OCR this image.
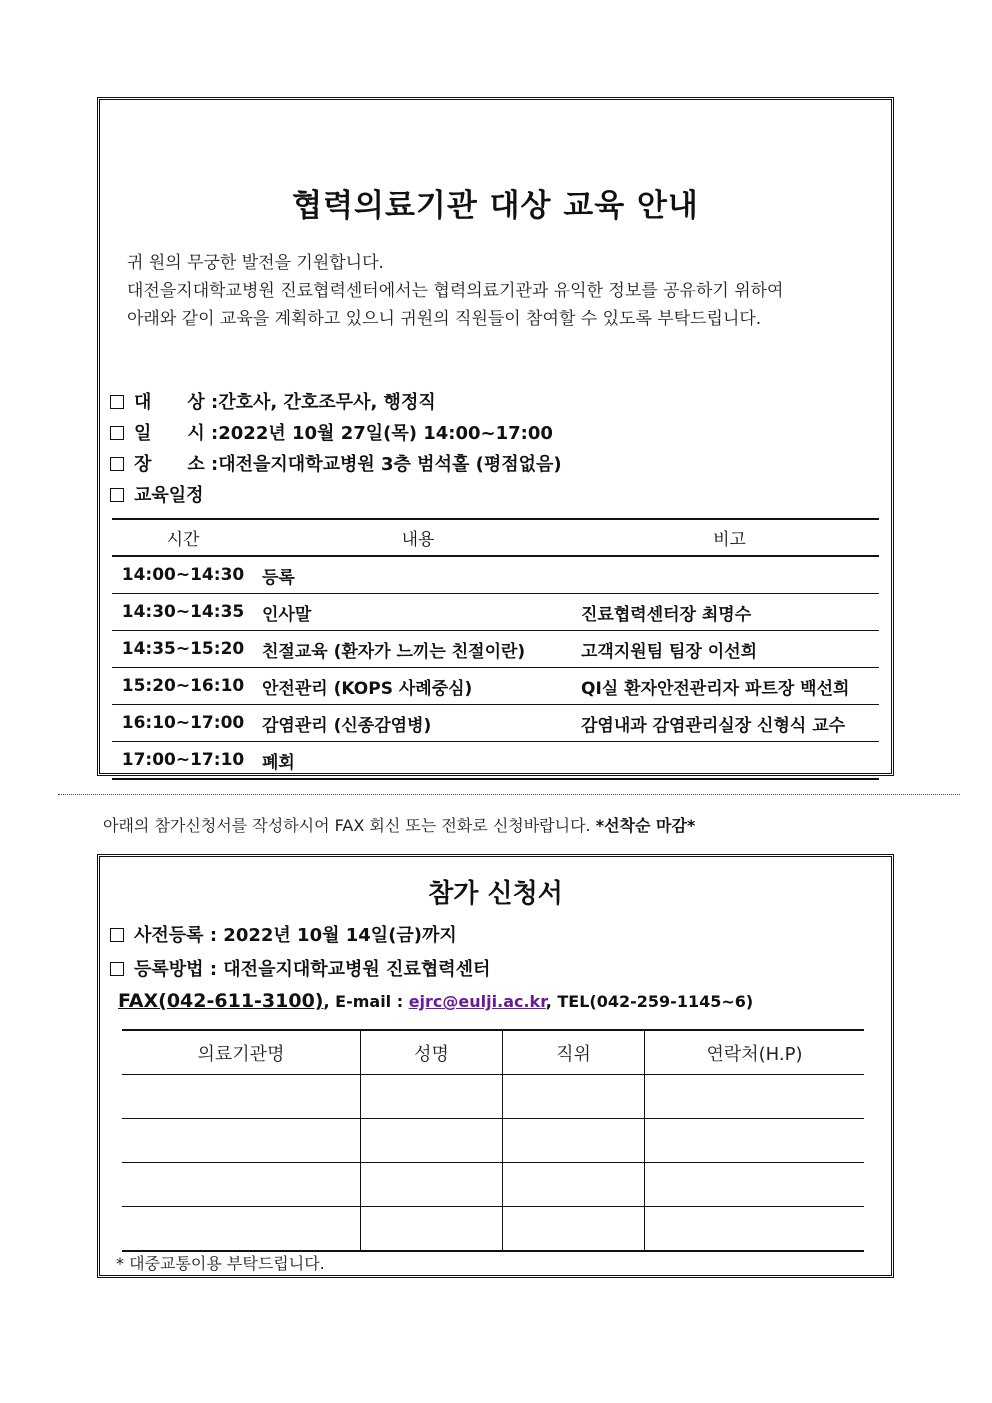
협력의료기관 대상 교육 안내
귀 원의 무궁한 발전을 기원합니다.
대전을지대학교병원 진료협력센터에서는 협력의료기관과 유익한 정보를 공유하기 위하여
아래와 같이 교육을 계획하고 있으니 귀원의 직원들이 참여할 수 있도록 부탁드립니다.
대　　상 :간호사, 간호조무사, 행정직
일　　시 :2022년 10월 27일(목) 14:00~17:00
장　　소 :대전을지대학교병원 3층 범석홀 (평점없음)
교육일정
시간	내용	비고
14:00~14:30	등록	
14:30~14:35	인사말	진료협력센터장 최명수
14:35~15:20	친절교육 (환자가 느끼는 친절이란)	고객지원팀 팀장 이선희
15:20~16:10	안전관리 (KOPS 사례중심)	QI실 환자안전관리자 파트장 백선희
16:10~17:00	감염관리 (신종감염병)	감염내과 감염관리실장 신형식 교수
17:00~17:10	폐회	
아래의 참가신청서를 작성하시어 FAX 회신 또는 전화로 신청바랍니다. *선착순 마감*
참가 신청서
사전등록 : 2022년 10월 14일(금)까지
등록방법 : 대전을지대학교병원 진료협력센터
FAX(042-611-3100), E-mail : ejrc@eulji.ac.kr, TEL(042-259-1145~6)
의료기관명	성명	직위	연락처(H.P)

* 대중교통이용 부탁드립니다.
